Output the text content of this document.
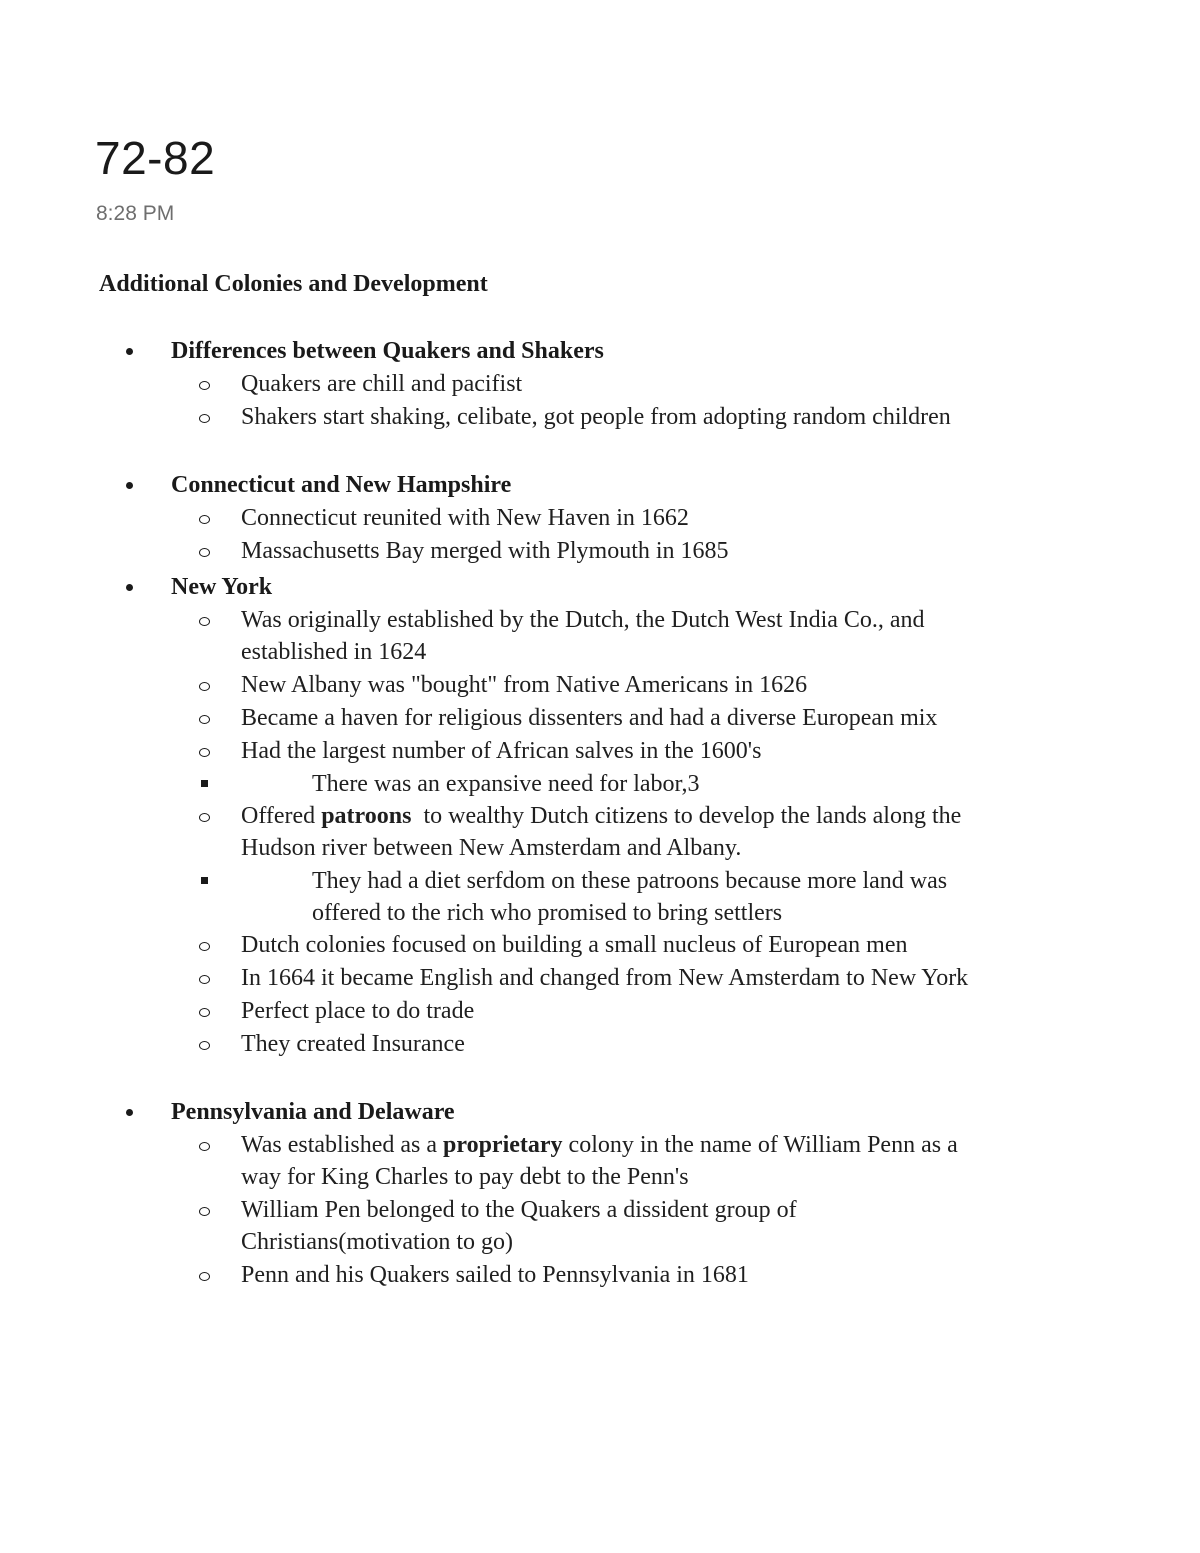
72-82
8:28 PM
Additional Colonies and Development
Differences between Quakers and Shakers
Quakers are chill and pacifist
Shakers start shaking, celibate, got people from adopting random children
Connecticut and New Hampshire
Connecticut reunited with New Haven in 1662
Massachusetts Bay merged with Plymouth in 1685
New York
Was originally established by the Dutch, the Dutch West India Co., and established in 1624
New Albany was "bought" from Native Americans in 1626
Became a haven for religious dissenters and had a diverse European mix
Had the largest number of African salves in the 1600's
There was an expansive need for labor,3
Offered patroons  to wealthy Dutch citizens to develop the lands along the Hudson river between New Amsterdam and Albany.
They had a diet serfdom on these patroons because more land was offered to the rich who promised to bring settlers
Dutch colonies focused on building a small nucleus of European men
In 1664 it became English and changed from New Amsterdam to New York
Perfect place to do trade
They created Insurance
Pennsylvania and Delaware
Was established as a proprietary colony in the name of William Penn as a way for King Charles to pay debt to the Penn's
William Pen belonged to the Quakers a dissident group of Christians(motivation to go)
Penn and his Quakers sailed to Pennsylvania in 1681
